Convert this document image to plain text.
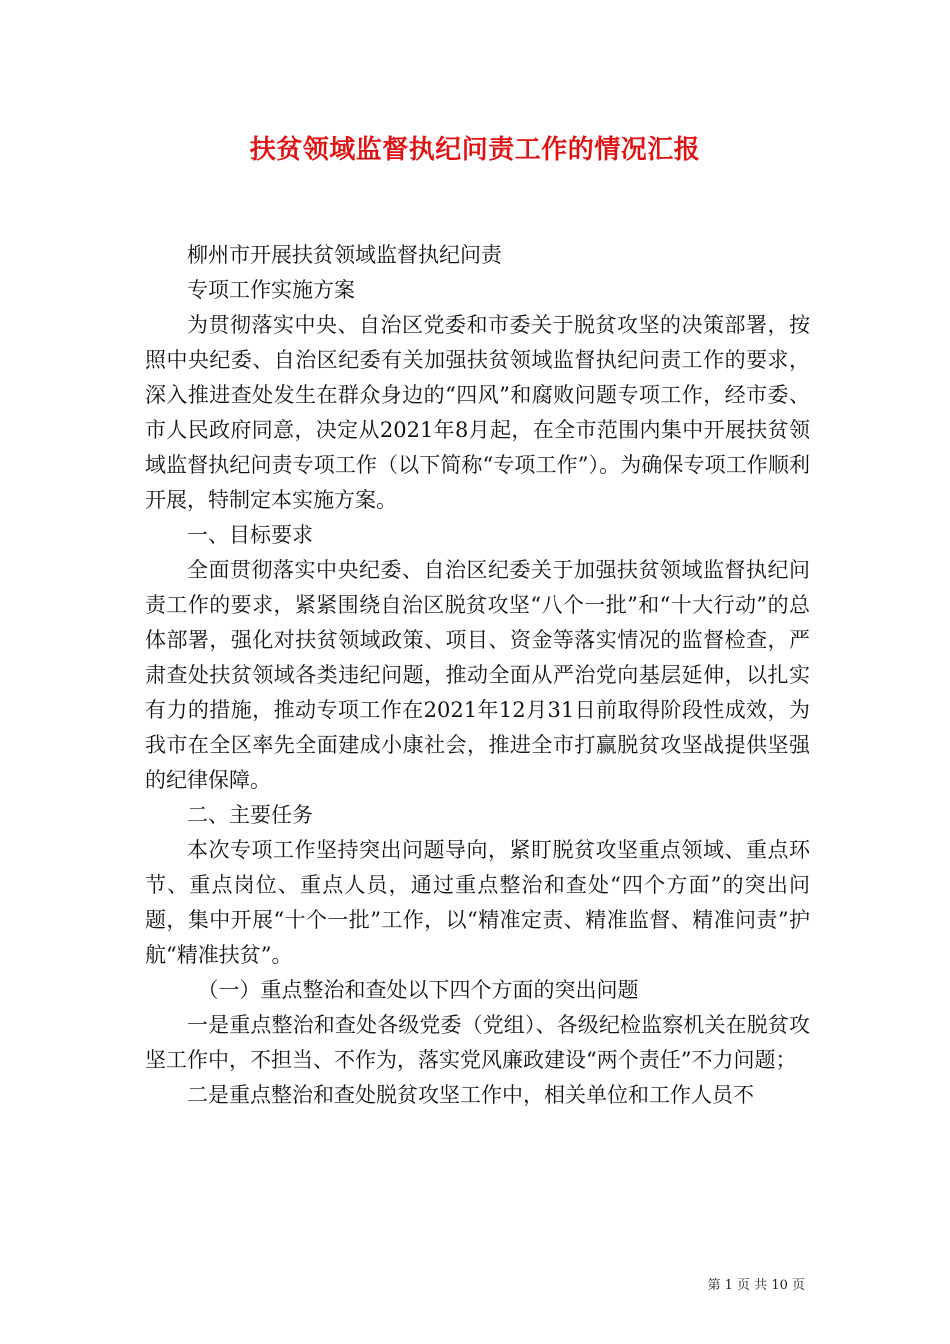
扶贫领域监督执纪问责工作的情况汇报

柳州市开展扶贫领域监督执纪问责

专项工作实施方案

为贯彻落实中央、自治区党委和市委关于脱贫攻坚的决策部署，按照中央纪委、自治区纪委有关加强扶贫领域监督执纪问责工作的要求，深入推进查处发生在群众身边的“四风”和腐败问题专项工作，经市委、市人民政府同意，决定从2021年8月起，在全市范围内集中开展扶贫领域监督执纪问责专项工作（以下简称“专项工作”）。为确保专项工作顺利开展，特制定本实施方案。

一、目标要求

全面贯彻落实中央纪委、自治区纪委关于加强扶贫领域监督执纪问责工作的要求，紧紧围绕自治区脱贫攻坚“八个一批”和“十大行动”的总体部署，强化对扶贫领域政策、项目、资金等落实情况的监督检查，严肃查处扶贫领域各类违纪问题，推动全面从严治党向基层延伸，以扎实有力的措施，推动专项工作在2021年12月31日前取得阶段性成效，为我市在全区率先全面建成小康社会，推进全市打赢脱贫攻坚战提供坚强的纪律保障。

二、主要任务

本次专项工作坚持突出问题导向，紧盯脱贫攻坚重点领域、重点环节、重点岗位、重点人员，通过重点整治和查处“四个方面”的突出问题，集中开展“十个一批”工作，以“精准定责、精准监督、精准问责”护航“精准扶贫”。

（一）重点整治和查处以下四个方面的突出问题

一是重点整治和查处各级党委（党组）、各级纪检监察机关在脱贫攻坚工作中，不担当、不作为，落实党风廉政建设“两个责任”不力问题；

二是重点整治和查处脱贫攻坚工作中，相关单位和工作人员不

第 1 页 共 10 页
